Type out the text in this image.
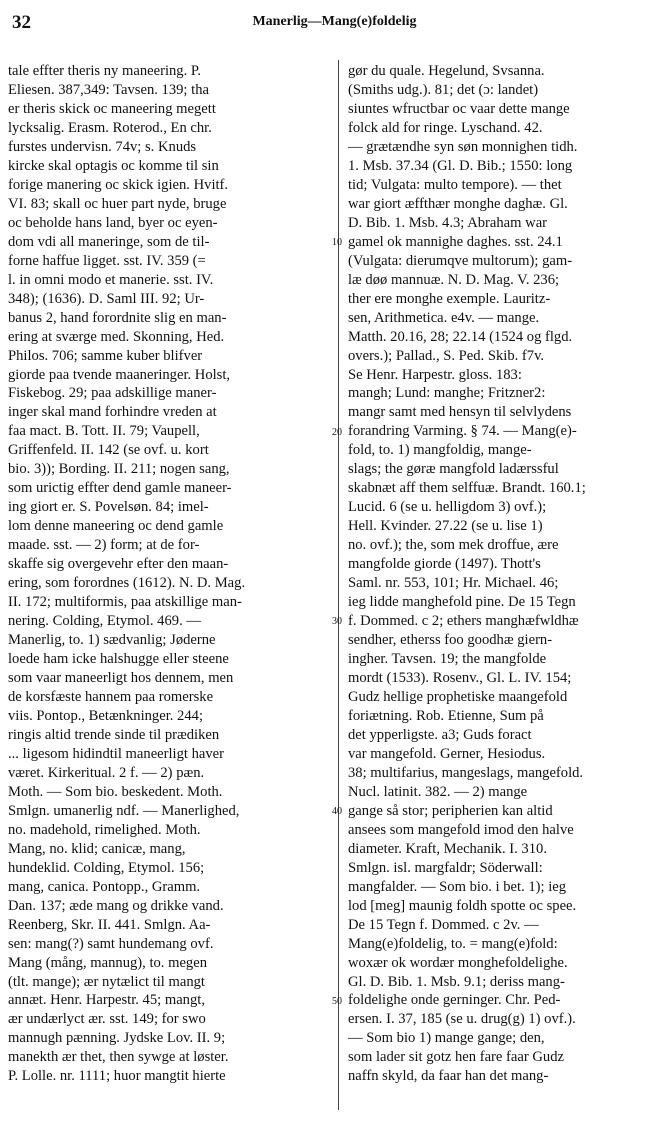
32	Manerlig—Mang(e)foldelig
tale effter theris ny maneering. P.
Eliesen. 387,349: Tavsen. 139; tha
er theris skick oc maneering megett
lycksalig. Erasm. Roterod., En chr.
furstes undervisn. 74v; s. Knuds
kircke skal optagis oc komme til sin
forige manering oc skick igien. Hvitf.
VI. 83; skall oc huer part nyde, bruge
oc beholde hans land, byer oc eyen-
dom vdi all maneringe, som de til-
forne haffue ligget. sst. IV. 359 (=
l. in omni modo et manerie. sst. IV.
348); (1636). D. Saml III. 92; Ur-
banus 2, hand forordnite slig en man-
ering at sværge med. Skonning, Hed.
Philos. 706; samme kuber blifver
giorde paa tvende maaneringer. Holst,
Fiskebog. 29; paa adskillige maner-
inger skal mand forhindre vreden at
faa mact. B. Tott. II. 79; Vaupell,
Griffenfeld. II. 142 (se ovf. u. kort
bio. 3)); Bording. II. 211; nogen sang,
som urictig effter dend gamle maneer-
ing giort er. S. Povelsøn. 84; imel-
lom denne maneering oc dend gamle
maade. sst. — 2) form; at de for-
skaffe sig overgevehr efter den maan-
ering, som forordnes (1612). N. D. Mag.
II. 172; multiformis, paa atskillige man-
nering. Colding, Etymol. 469. —
Manerlig, to. 1) sædvanlig; Jøderne
loede ham icke halshugge eller steene
som vaar maneerligt hos dennem, men
de korsfæste hannem paa romerske
viis. Pontop., Betænkninger. 244;
ringis altid trende sinde til prædiken
... ligesom hidindtil maneerligt haver
været. Kirkeritual. 2 f. — 2) pæn.
Moth. — Som bio. beskedent. Moth.
Smlgn. umanerlig ndf. — Manerlighed,
no. madehold, rimelighed. Moth.
Mang, no. klid; canicæ, mang,
hundeklid. Colding, Etymol. 156;
mang, canica. Pontopp., Gramm.
Dan. 137; æde mang og drikke vand.
Reenberg, Skr. II. 441. Smlgn. Aa-
sen: mang(?) samt hundemang ovf.
Mang (mång, mannug), to. megen
(tlt. mange); ær nytælict til mangt
annæt. Henr. Harpestr. 45; mangt,
ær undærlyct ær. sst. 149; for swo
mannugh pænning. Jydske Lov. II. 9;
manekth ær thet, then sywge at løster.
P. Lolle. nr. 1111; huor mangtit hierte
10
20
30
40
50
gør du quale. Hegelund, Svsanna.
(Smiths udg.). 81; det (ɔ: landet)
siuntes wfructbar oc vaar dette mange
folck ald for ringe. Lyschand. 42.
— grætændhe syn søn monnighen tidh.
1. Msb. 37.34 (Gl. D. Bib.; 1550: long
tid; Vulgata: multo tempore). — thet
war giort æffthær monghe daghæ. Gl.
D. Bib. 1. Msb. 4.3; Abraham war
gamel ok mannighe daghes. sst. 24.1
(Vulgata: dierumqve multorum); gam-
læ døø mannuæ. N. D. Mag. V. 236;
ther ere monghe exemple. Lauritz-
sen, Arithmetica. e4v. — mange.
Matth. 20.16, 28; 22.14 (1524 og flgd.
overs.); Pallad., S. Ped. Skib. f7v.
Se Henr. Harpestr. gloss. 183:
mangh; Lund: manghe; Fritzner2:
mangr samt med hensyn til selvlydens
forandring Varming. § 74. — Mang(e)-
fold, to. 1) mangfoldig, mange-
slags; the gøræ mangfold ladærssful
skabnæt aff them selffuæ. Brandt. 160.1;
Lucid. 6 (se u. helligdom 3) ovf.);
Hell. Kvinder. 27.22 (se u. lise 1)
no. ovf.); the, som mek droffue, ære
mangfolde giorde (1497). Thott's
Saml. nr. 553, 101; Hr. Michael. 46;
ieg lidde manghefold pine. De 15 Tegn
f. Dommed. c 2; ethers manghæfwldhæ
sendher, etherss foo goodhæ giern-
ingher. Tavsen. 19; the mangfolde
mordt (1533). Rosenv., Gl. L. IV. 154;
Gudz hellige prophetiske maangefold
foriætning. Rob. Etienne, Sum på
det ypperligste. a3; Guds foract
var mangefold. Gerner, Hesiodus.
38; multifarius, mangeslags, mangefold.
Nucl. latinit. 382. — 2) mange
gange så stor; peripherien kan altid
ansees som mangefold imod den halve
diameter. Kraft, Mechanik. I. 310.
Smlgn. isl. margfaldr; Söderwall:
mangfalder. — Som bio. i bet. 1); ieg
lod [meg] maunig foldh spotte oc spee.
De 15 Tegn f. Dommed. c 2v. —
Mang(e)foldelig, to. = mang(e)fold:
woxær ok wordær monghefoldelighe.
Gl. D. Bib. 1. Msb. 9.1; deriss mang-
foldelighe onde gerninger. Chr. Ped-
ersen. I. 37, 185 (se u. drug(g) 1) ovf.).
— Som bio 1) mange gange; den,
som lader sit gotz hen fare faar Gudz
naffn skyld, da faar han det mang-
